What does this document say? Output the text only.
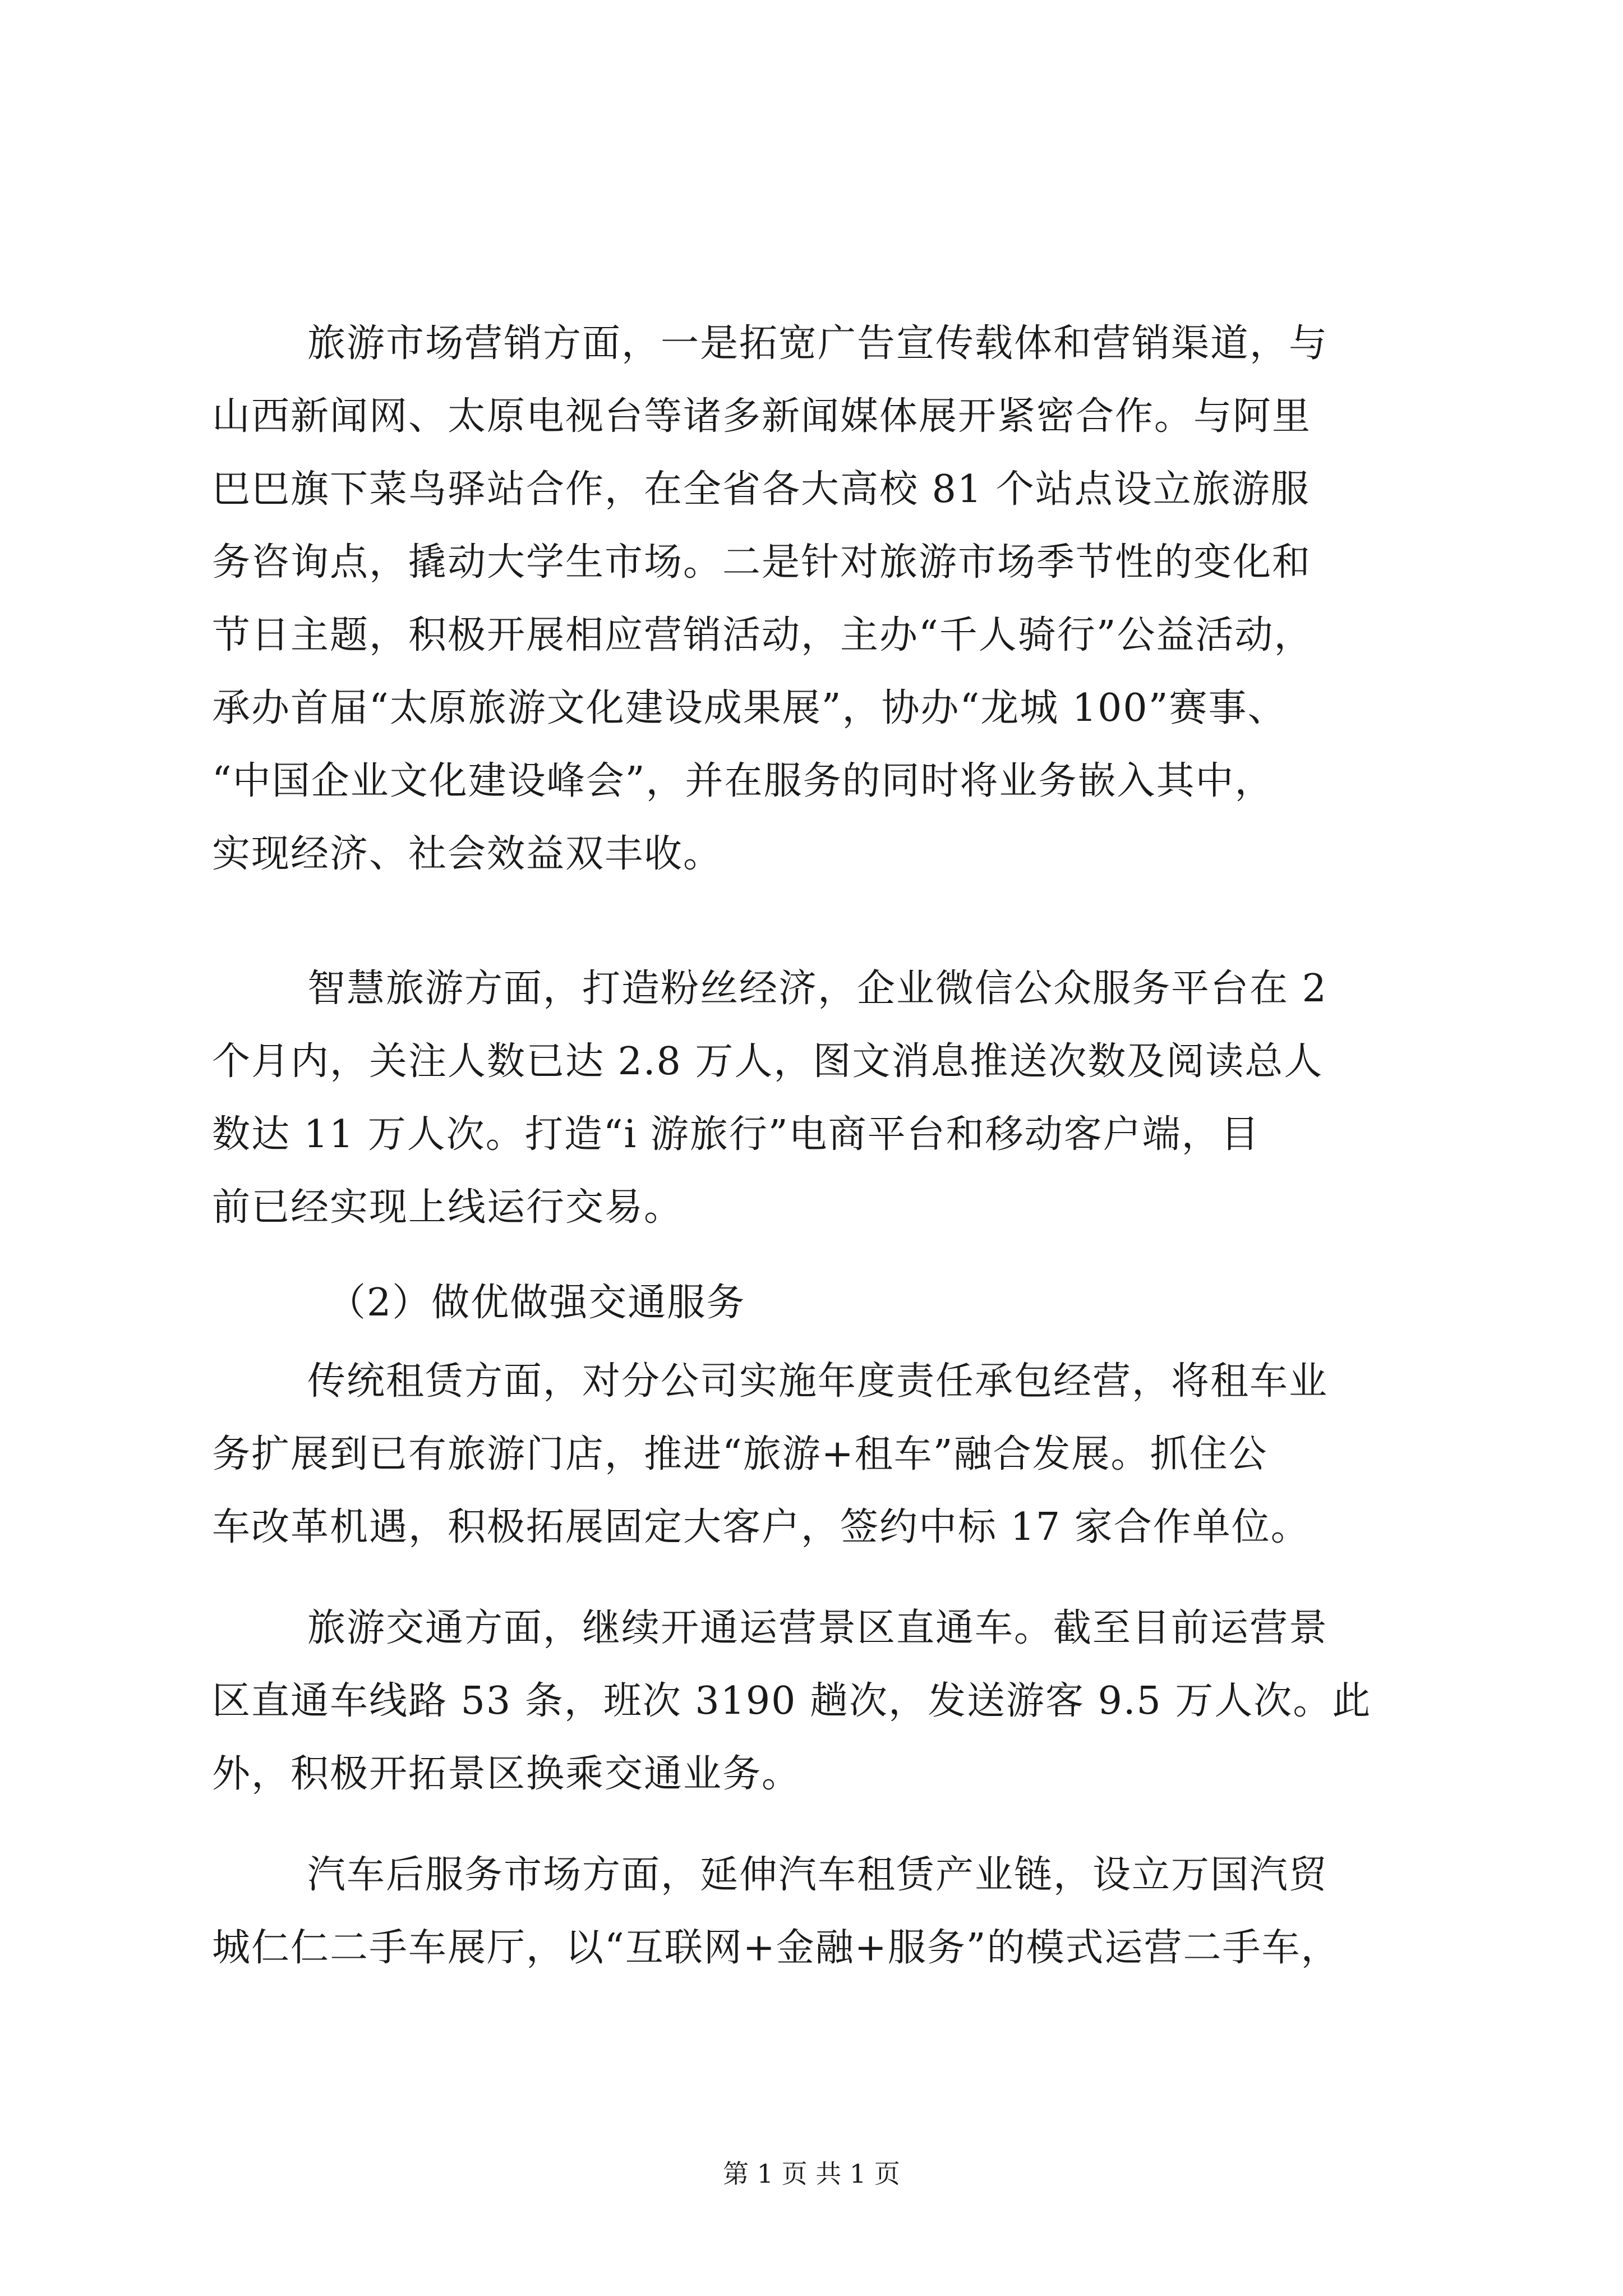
旅游市场营销方面，一是拓宽广告宣传载体和营销渠道，与
山西新闻网、太原电视台等诸多新闻媒体展开紧密合作。与阿里
巴巴旗下菜鸟驿站合作，在全省各大高校 81 个站点设立旅游服
务咨询点，撬动大学生市场。二是针对旅游市场季节性的变化和
节日主题，积极开展相应营销活动，主办“千人骑行”公益活动，
承办首届“太原旅游文化建设成果展”，协办“龙城 100”赛事、
“中国企业文化建设峰会”，并在服务的同时将业务嵌入其中，
实现经济、社会效益双丰收。
智慧旅游方面，打造粉丝经济，企业微信公众服务平台在 2
个月内，关注人数已达 2.8 万人，图文消息推送次数及阅读总人
数达 11 万人次。打造“i 游旅行”电商平台和移动客户端，目
前已经实现上线运行交易。
（2）做优做强交通服务
传统租赁方面，对分公司实施年度责任承包经营，将租车业
务扩展到已有旅游门店，推进“旅游+租车”融合发展。抓住公
车改革机遇，积极拓展固定大客户，签约中标 17 家合作单位。
旅游交通方面，继续开通运营景区直通车。截至目前运营景
区直通车线路 53 条，班次 3190 趟次，发送游客 9.5 万人次。此
外，积极开拓景区换乘交通业务。
汽车后服务市场方面，延伸汽车租赁产业链，设立万国汽贸
城仁仁二手车展厅，以“互联网+金融+服务”的模式运营二手车，
第 1 页 共 1 页
